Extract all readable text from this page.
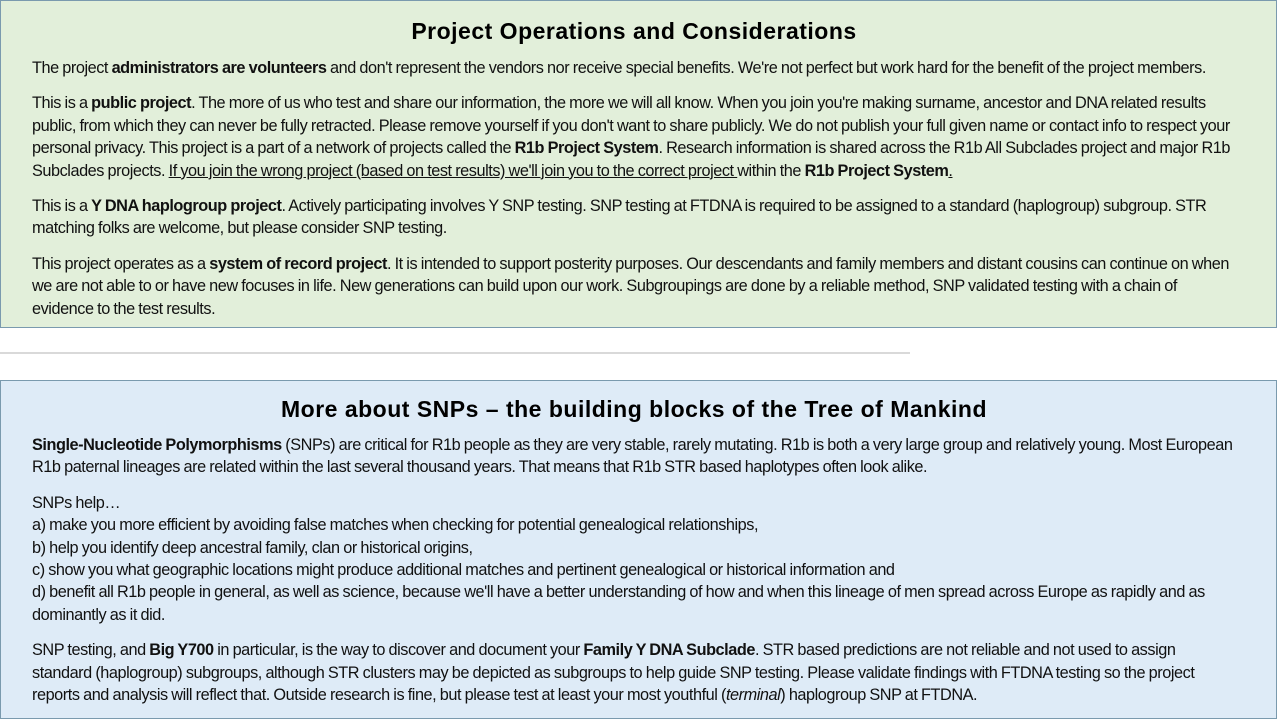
Project Operations and Considerations

The project administrators are volunteers and don't represent the vendors nor receive special benefits. We're not perfect but work hard for the benefit of the project members.

This is a public project. The more of us who test and share our information, the more we will all know. When you join you're making surname, ancestor and DNA related results public, from which they can never be fully retracted. Please remove yourself if you don't want to share publicly. We do not publish your full given name or contact info to respect your personal privacy. This project is a part of a network of projects called the R1b Project System. Research information is shared across the R1b All Subclades project and major R1b Subclades projects. If you join the wrong project (based on test results) we'll join you to the correct project within the R1b Project System.

This is a Y DNA haplogroup project. Actively participating involves Y SNP testing. SNP testing at FTDNA is required to be assigned to a standard (haplogroup) subgroup. STR matching folks are welcome, but please consider SNP testing.

This project operates as a system of record project. It is intended to support posterity purposes. Our descendants and family members and distant cousins can continue on when we are not able to or have new focuses in life. New generations can build upon our work. Subgroupings are done by a reliable method, SNP validated testing with a chain of evidence to the test results.

More about SNPs – the building blocks of the Tree of Mankind

Single-Nucleotide Polymorphisms (SNPs) are critical for R1b people as they are very stable, rarely mutating. R1b is both a very large group and relatively young. Most European R1b paternal lineages are related within the last several thousand years. That means that R1b STR based haplotypes often look alike.

SNPs help…
a) make you more efficient by avoiding false matches when checking for potential genealogical relationships,
b) help you identify deep ancestral family, clan or historical origins,
c) show you what geographic locations might produce additional matches and pertinent genealogical or historical information and
d) benefit all R1b people in general, as well as science, because we'll have a better understanding of how and when this lineage of men spread across Europe as rapidly and as dominantly as it did.

SNP testing, and Big Y700 in particular, is the way to discover and document your Family Y DNA Subclade. STR based predictions are not reliable and not used to assign standard (haplogroup) subgroups, although STR clusters may be depicted as subgroups to help guide SNP testing. Please validate findings with FTDNA testing so the project reports and analysis will reflect that. Outside research is fine, but please test at least your most youthful (terminal) haplogroup SNP at FTDNA.
